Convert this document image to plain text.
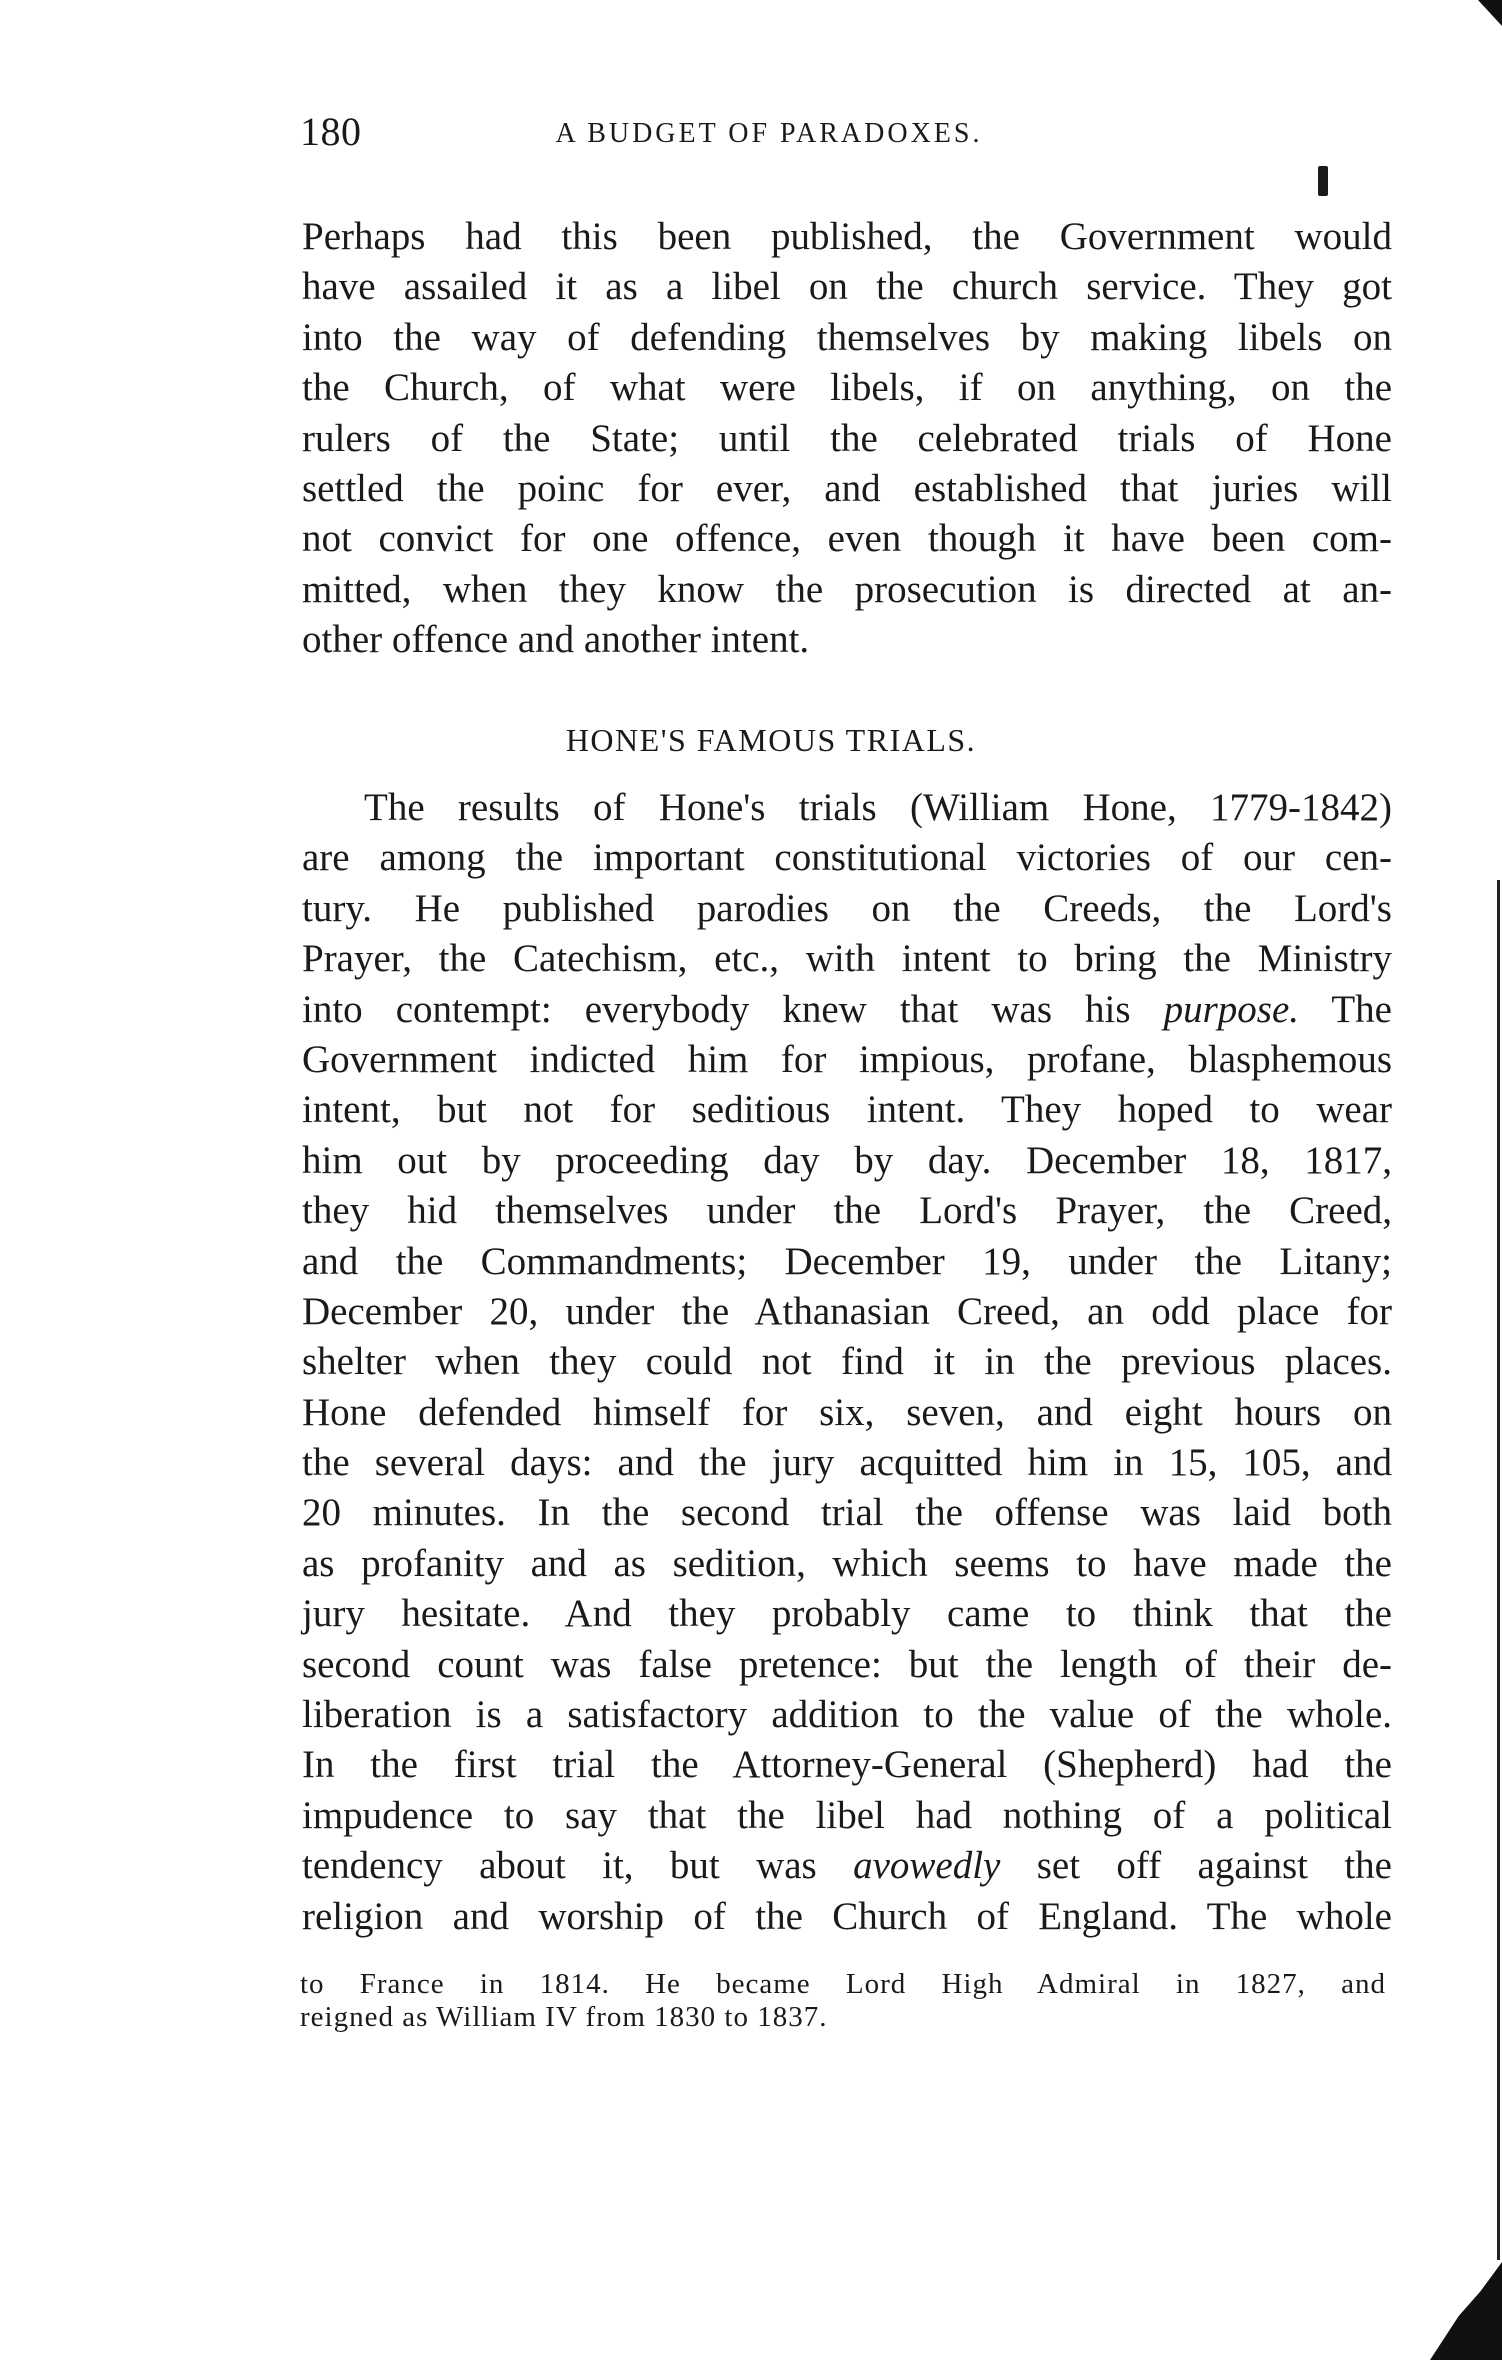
180	A BUDGET OF PARADOXES.
Perhaps had this been published, the Government would
have assailed it as a libel on the church service. They got
into the way of defending themselves by making libels on
the Church, of what were libels, if on anything, on the
rulers of the State; until the celebrated trials of Hone
settled the poinc for ever, and established that juries will
not convict for one offence, even though it have been com-
mitted, when they know the prosecution is directed at an-
other offence and another intent.
HONE'S FAMOUS TRIALS.
The results of Hone's trials (William Hone, 1779-1842)
are among the important constitutional victories of our cen-
tury. He published parodies on the Creeds, the Lord's
Prayer, the Catechism, etc., with intent to bring the Ministry
into contempt: everybody knew that was his purpose. The
Government indicted him for impious, profane, blasphemous
intent, but not for seditious intent. They hoped to wear
him out by proceeding day by day. December 18, 1817,
they hid themselves under the Lord's Prayer, the Creed,
and the Commandments; December 19, under the Litany;
December 20, under the Athanasian Creed, an odd place for
shelter when they could not find it in the previous places.
Hone defended himself for six, seven, and eight hours on
the several days: and the jury acquitted him in 15, 105, and
20 minutes. In the second trial the offense was laid both
as profanity and as sedition, which seems to have made the
jury hesitate. And they probably came to think that the
second count was false pretence: but the length of their de-
liberation is a satisfactory addition to the value of the whole.
In the first trial the Attorney-General (Shepherd) had the
impudence to say that the libel had nothing of a political
tendency about it, but was avowedly set off against the
religion and worship of the Church of England. The whole
to France in 1814. He became Lord High Admiral in 1827, and
reigned as William IV from 1830 to 1837.
